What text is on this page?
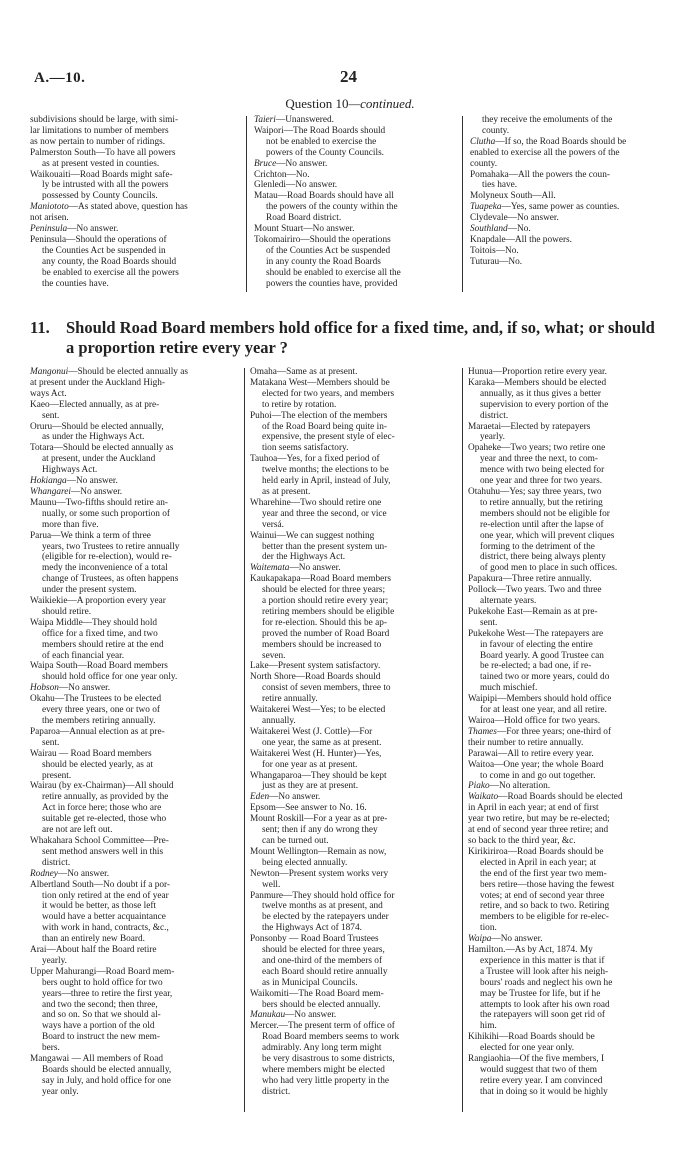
A.—10.	24
Question 10—continued.

subdivisions should be large, with simi-

lar limitations to number of members

as now pertain to number of ridings.

Palmerston South—To have all powers

as at present vested in counties.

Waikouaiti—Road Boards might safe-

ly be intrusted with all the powers

possessed by County Councils.

Maniototo—As stated above, question has

not arisen.

Peninsula—No answer.

Peninsula—Should the operations of

the Counties Act be suspended in

any county, the Road Boards should

be enabled to exercise all the powers

the counties have.

Taieri—Unanswered.

Waipori—The Road Boards should

not be enabled to exercise the

powers of the County Councils.

Bruce—No answer.

Crichton—No.

Glenledi—No answer.

Matau—Road Boards should have all

the powers of the county within the

Road Board district.

Mount Stuart—No answer.

Tokomairiro—Should the operations

of the Counties Act be suspended

in any county the Road Boards

should be enabled to exercise all the

powers the counties have, provided

they receive the emoluments of the

county.

Clutha—If so, the Road Boards should be

enabled to exercise all the powers of the

county.

Pomahaka—All the powers the coun-

ties have.

Molyneux South—All.

Tuapeka—Yes, same power as counties.

Clydevale—No answer.

Southland—No.

Knapdale—All the powers.

Toitois—No.

Tuturau—No.

11. Should Road Board members hold office for a fixed time, and, if so, what; or should
a proportion retire every year ?

Mangonui—Should be elected annually as

at present under the Auckland High-

ways Act.

Kaeo—Elected annually, as at pre-

sent.

Oruru—Should be elected annually,

as under the Highways Act.

Totara—Should be elected annually as

at present, under the Auckland

Highways Act.

Hokianga—No answer.

Whangarei—No answer.

Maunu—Two-fifths should retire an-

nually, or some such proportion of

more than five.

Parua—We think a term of three

years, two Trustees to retire annually

(eligible for re-election), would re-

medy the inconvenience of a total

change of Trustees, as often happens

under the present system.

Waikiekie—A proportion every year

should retire.

Waipa Middle—They should hold

office for a fixed time, and two

members should retire at the end

of each financial year.

Waipa South—Road Board members

should hold office for one year only.

Hobson—No answer.

Okahu—The Trustees to be elected

every three years, one or two of

the members retiring annually.

Paparoa—Annual election as at pre-

sent.

Wairau — Road Board members

should be elected yearly, as at

present.

Wairau (by ex-Chairman)—All should

retire annually, as provided by the

Act in force here; those who are

suitable get re-elected, those who

are not are left out.

Whakahara School Committee—Pre-

sent method answers well in this

district.

Rodney—No answer.

Albertland South—No doubt if a por-

tion only retired at the end of year

it would be better, as those left

would have a better acquaintance

with work in hand, contracts, &c.,

than an entirely new Board.

Arai—About half the Board retire

yearly.

Upper Mahurangi—Road Board mem-

bers ought to hold office for two

years—three to retire the first year,

and two the second; then three,

and so on. So that we should al-

ways have a portion of the old

Board to instruct the new mem-

bers.

Mangawai — All members of Road

Boards should be elected annually,

say in July, and hold office for one

year only.

Omaha—Same as at present.

Matakana West—Members should be

elected for two years, and members

to retire by rotation.

Puhoi—The election of the members

of the Road Board being quite in-

expensive, the present style of elec-

tion seems satisfactory.

Tauhoa—Yes, for a fixed period of

twelve months; the elections to be

held early in April, instead of July,

as at present.

Wharehine—Two should retire one

year and three the second, or vice

versá.

Wainui—We can suggest nothing

better than the present system un-

der the Highways Act.

Waitemata—No answer.

Kaukapakapa—Road Board members

should be elected for three years;

a portion should retire every year;

retiring members should be eligible

for re-election. Should this be ap-

proved the number of Road Board

members should be increased to

seven.

Lake—Present system satisfactory.

North Shore—Road Boards should

consist of seven members, three to

retire annually.

Waitakerei West—Yes; to be elected

annually.

Waitakerei West (J. Cottle)—For

one year, the same as at present.

Waitakerei West (H. Hunter)—Yes,

for one year as at present.

Whangaparoa—They should be kept

just as they are at present.

Eden—No answer.

Epsom—See answer to No. 16.

Mount Roskill—For a year as at pre-

sent; then if any do wrong they

can be turned out.

Mount Wellington—Remain as now,

being elected annually.

Newton—Present system works very

well.

Panmure—They should hold office for

twelve months as at present, and

be elected by the ratepayers under

the Highways Act of 1874.

Ponsonby — Road Board Trustees

should be elected for three years,

and one-third of the members of

each Board should retire annually

as in Municipal Councils.

Waikomiti—The Road Board mem-

bers should be elected annually.

Manukau—No answer.

Mercer.—The present term of office of

Road Board members seems to work

admirably. Any long term might

be very disastrous to some districts,

where members might be elected

who had very little property in the

district.

Hunua—Proportion retire every year.

Karaka—Members should be elected

annually, as it thus gives a better

supervision to every portion of the

district.

Maraetai—Elected by ratepayers

yearly.

Opaheke—Two years; two retire one

year and three the next, to com-

mence with two being elected for

one year and three for two years.

Otahuhu—Yes; say three years, two

to retire annually, but the retiring

members should not be eligible for

re-election until after the lapse of

one year, which will prevent cliques

forming to the detriment of the

district, there being always plenty

of good men to place in such offices.

Papakura—Three retire annually.

Pollock—Two years. Two and three

alternate years.

Pukekohe East—Remain as at pre-

sent.

Pukekohe West—The ratepayers are

in favour of electing the entire

Board yearly. A good Trustee can

be re-elected; a bad one, if re-

tained two or more years, could do

much mischief.

Waipipi—Members should hold office

for at least one year, and all retire.

Wairoa—Hold office for two years.

Thames—For three years; one-third of

their number to retire annually.

Parawai—All to retire every year.

Waitoa—One year; the whole Board

to come in and go out together.

Piako—No alteration.

Waikato—Road Boards should be elected

in April in each year; at end of first

year two retire, but may be re-elected;

at end of second year three retire; and

so back to the third year, &c.

Kirikiriroa—Road Boards should be

elected in April in each year; at

the end of the first year two mem-

bers retire—those having the fewest

votes; at end of second year three

retire, and so back to two. Retiring

members to be eligible for re-elec-

tion.

Waipa—No answer.

Hamilton.—As by Act, 1874. My

experience in this matter is that if

a Trustee will look after his neigh-

bours' roads and neglect his own he

may be Trustee for life, but if he

attempts to look after his own road

the ratepayers will soon get rid of

him.

Kihikihi—Road Boards should be

elected for one year only.

Rangiaohia—Of the five members, I

would suggest that two of them

retire every year. I am convinced

that in doing so it would be highly
